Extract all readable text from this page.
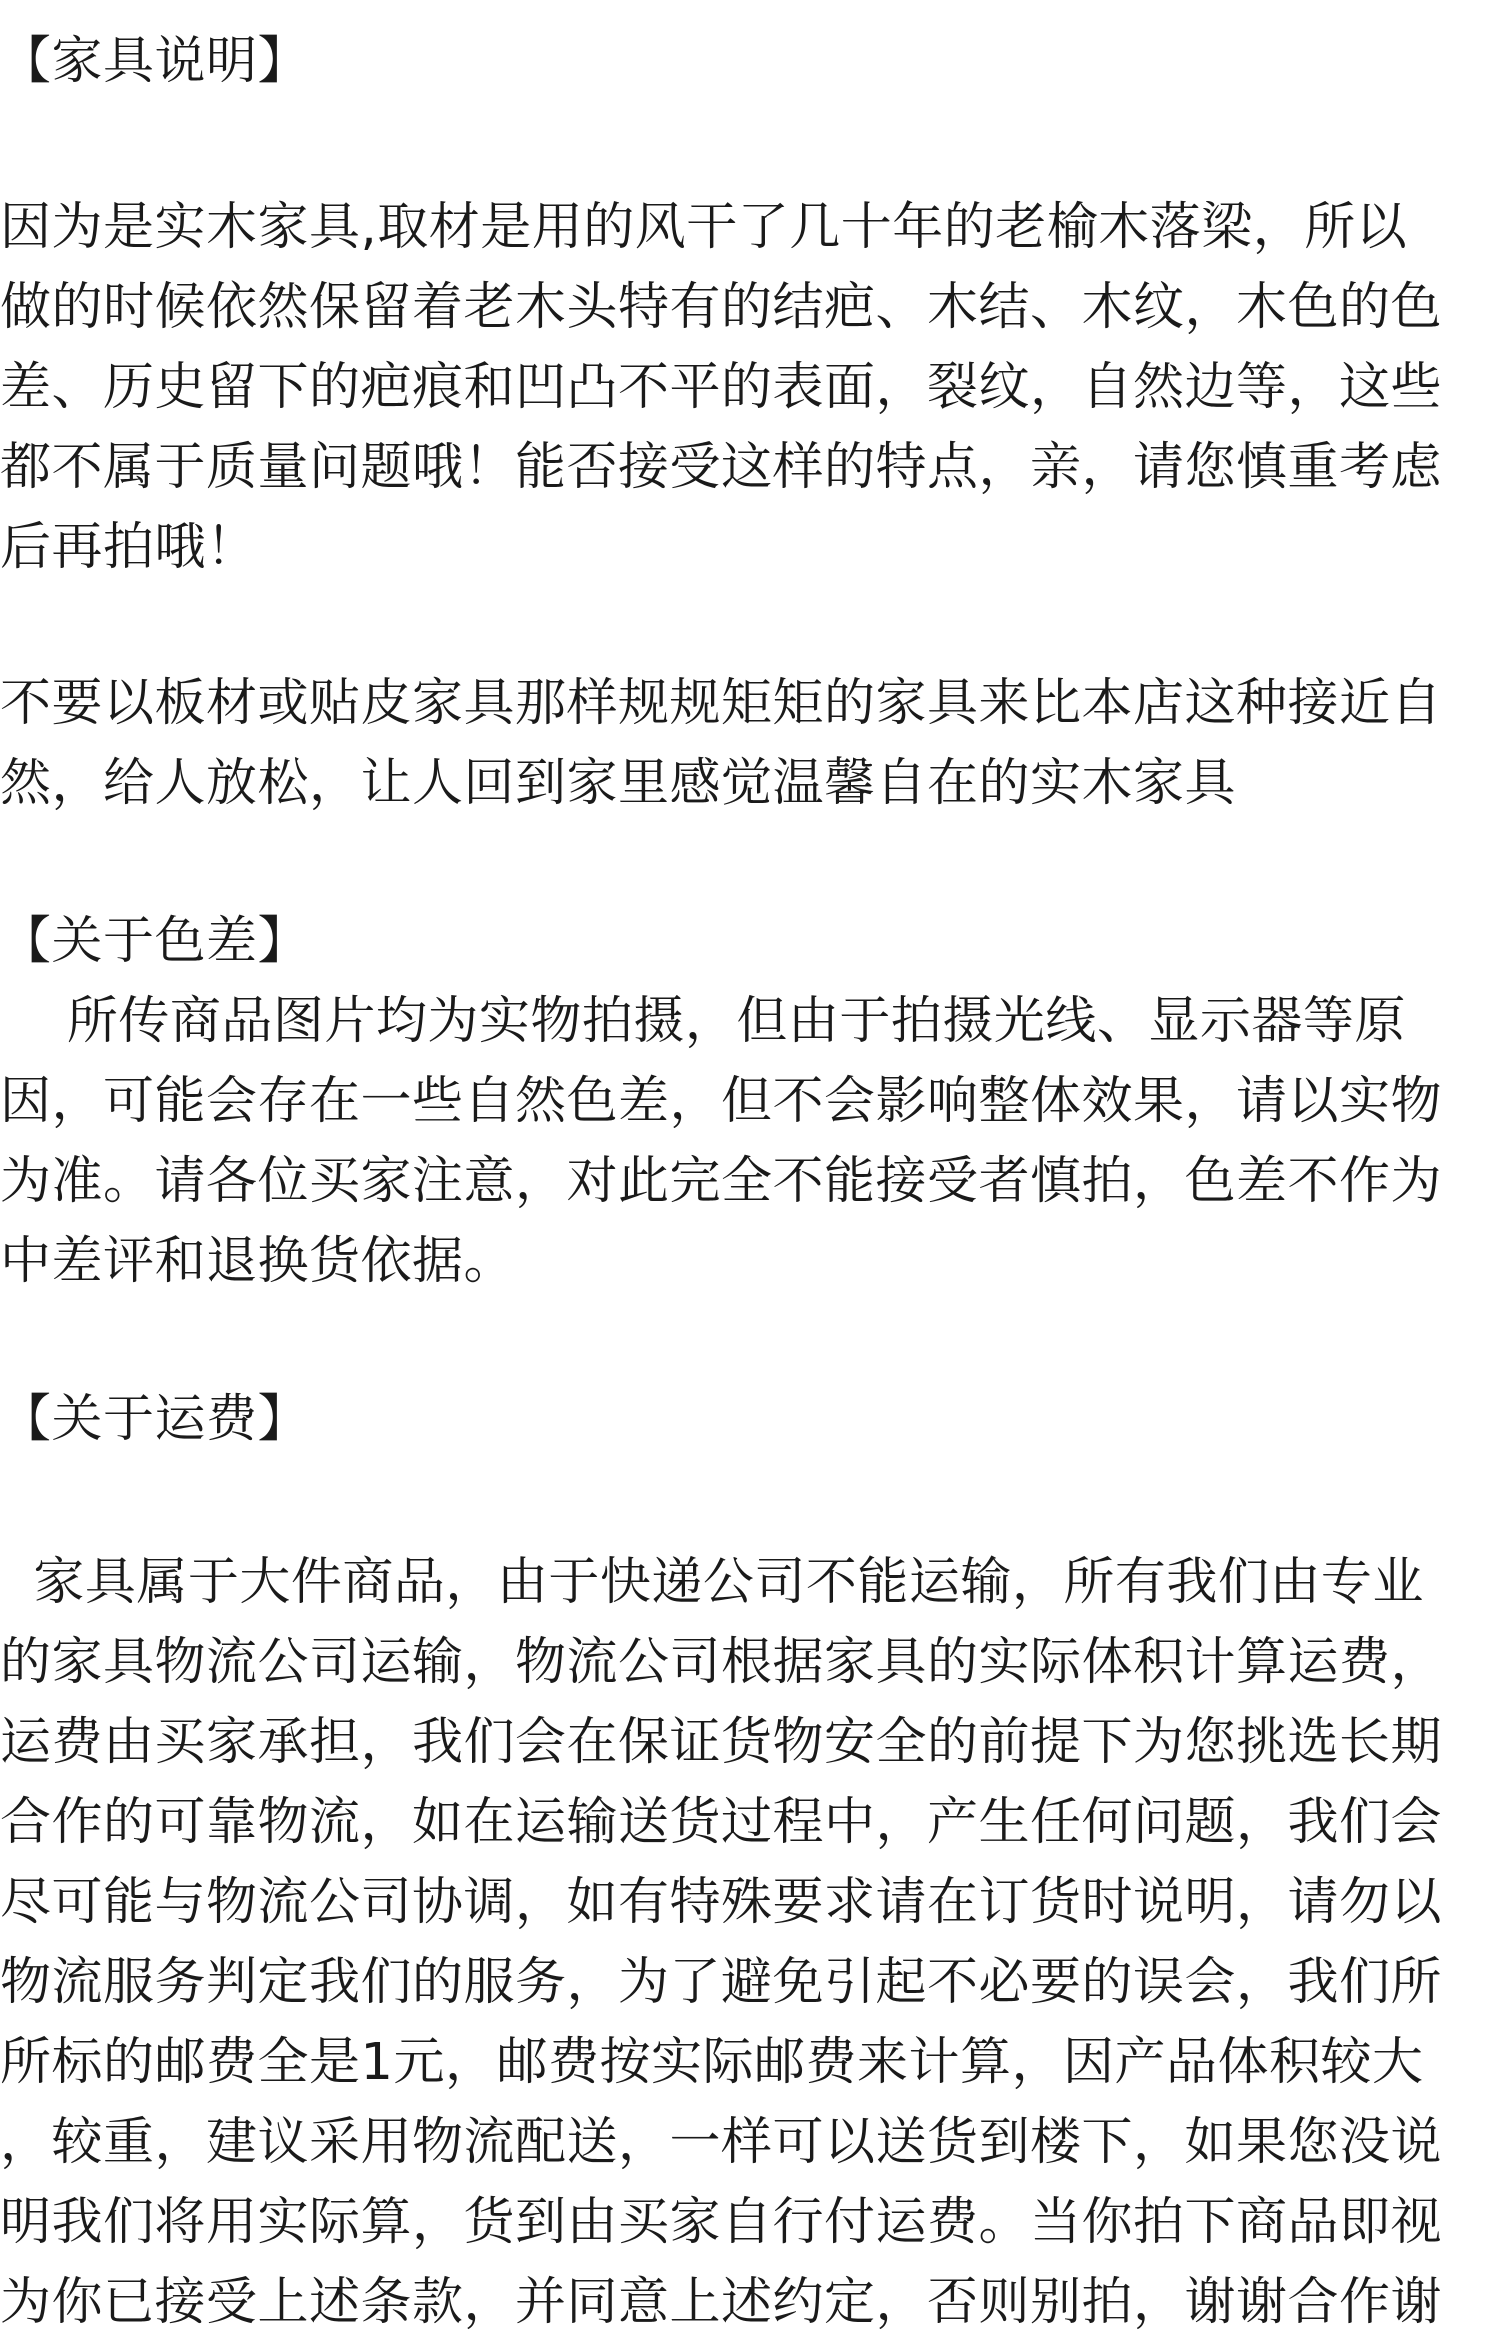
【家具说明】
因为是实木家具,取材是用的风干了几十年的老榆木落梁，所以
做的时候依然保留着老木头特有的结疤、木结、木纹，木色的色
差、历史留下的疤痕和凹凸不平的表面，裂纹，自然边等，这些
都不属于质量问题哦！能否接受这样的特点，亲，请您慎重考虑
后再拍哦！
不要以板材或贴皮家具那样规规矩矩的家具来比本店这种接近自
然，给人放松，让人回到家里感觉温馨自在的实木家具
【关于色差】
所传商品图片均为实物拍摄，但由于拍摄光线、显示器等原
因，可能会存在一些自然色差，但不会影响整体效果，请以实物
为准。请各位买家注意，对此完全不能接受者慎拍，色差不作为
中差评和退换货依据。
【关于运费】
家具属于大件商品，由于快递公司不能运输，所有我们由专业
的家具物流公司运输，物流公司根据家具的实际体积计算运费，
运费由买家承担，我们会在保证货物安全的前提下为您挑选长期
合作的可靠物流，如在运输送货过程中，产生任何问题，我们会
尽可能与物流公司协调，如有特殊要求请在订货时说明，请勿以
物流服务判定我们的服务，为了避免引起不必要的误会，我们所
所标的邮费全是1元，邮费按实际邮费来计算，因产品体积较大
，较重，建议采用物流配送，一样可以送货到楼下，如果您没说
明我们将用实际算，货到由买家自行付运费。当你拍下商品即视
为你已接受上述条款，并同意上述约定，否则别拍，谢谢合作谢
